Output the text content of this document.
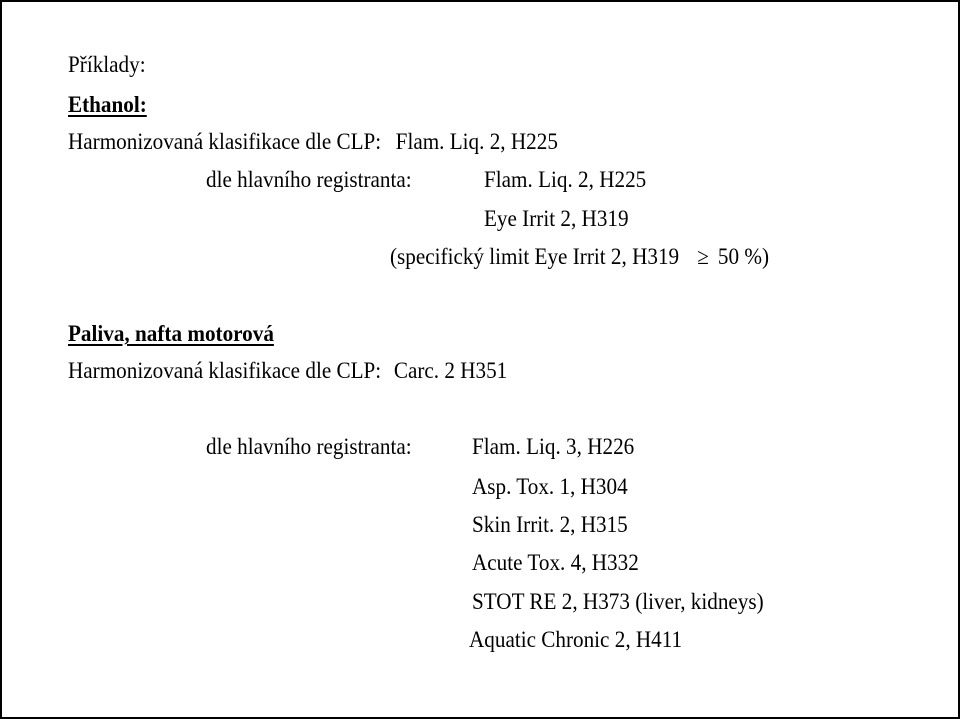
Příklady:
Ethanol:
Harmonizovaná klasifikace dle CLP: Flam. Liq. 2, H225
dle hlavního registranta:	Flam. Liq. 2, H225
Eye Irrit 2, H319
(specifický limit Eye Irrit 2, H319 ≥ 50 %)
Paliva, nafta motorová
Harmonizovaná klasifikace dle CLP: Carc. 2 H351
dle hlavního registranta:	Flam. Liq. 3, H226
Asp. Tox. 1, H304
Skin Irrit. 2, H315
Acute Tox. 4, H332
STOT RE 2, H373 (liver, kidneys)
Aquatic Chronic 2, H411
